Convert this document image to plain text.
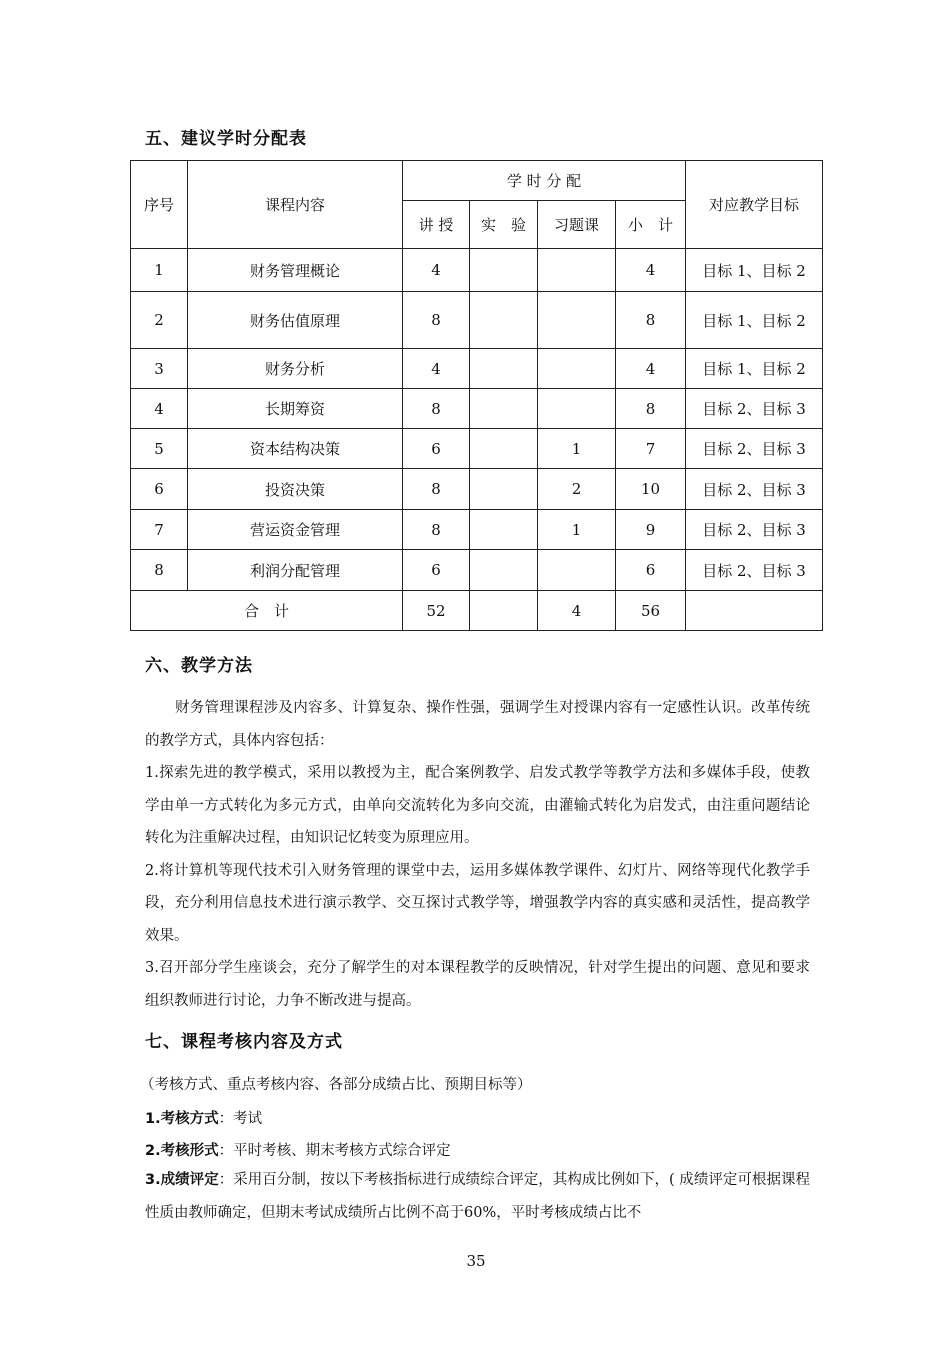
五、建议学时分配表
序号	课程内容	学 时 分 配				对应教学目标
		讲 授	实　验	习题课	小　计	
1	财务管理概论	4			4	目标 1、目标 2
2	财务估值原理	8			8	目标 1、目标 2
3	财务分析	4			4	目标 1、目标 2
4	长期筹资	8			8	目标 2、目标 3
5	资本结构决策	6		1	7	目标 2、目标 3
6	投资决策	8		2	10	目标 2、目标 3
7	营运资金管理	8		1	9	目标 2、目标 3
8	利润分配管理	6			6	目标 2、目标 3
合　计		52		4	56	
六、教学方法

财务管理课程涉及内容多、计算复杂、操作性强，强调学生对授课内容有一定感性认识。改革传统的教学方式，具体内容包括：

1.探索先进的教学模式，采用以教授为主，配合案例教学、启发式教学等教学方法和多媒体手段，使教学由单一方式转化为多元方式，由单向交流转化为多向交流，由灌输式转化为启发式，由注重问题结论转化为注重解决过程，由知识记忆转变为原理应用。

2.将计算机等现代技术引入财务管理的课堂中去，运用多媒体教学课件、幻灯片、网络等现代化教学手段，充分利用信息技术进行演示教学、交互探讨式教学等，增强教学内容的真实感和灵活性，提高教学效果。

3.召开部分学生座谈会，充分了解学生的对本课程教学的反映情况，针对学生提出的问题、意见和要求组织教师进行讨论，力争不断改进与提高。

七、课程考核内容及方式
（考核方式、重点考核内容、各部分成绩占比、预期目标等）
1.考核方式：考试
2.考核形式：平时考核、期末考核方式综合评定

3.成绩评定：采用百分制，按以下考核指标进行成绩综合评定，其构成比例如下，( 成绩评定可根据课程性质由教师确定，但期末考试成绩所占比例不高于60%，平时考核成绩占比不

35
